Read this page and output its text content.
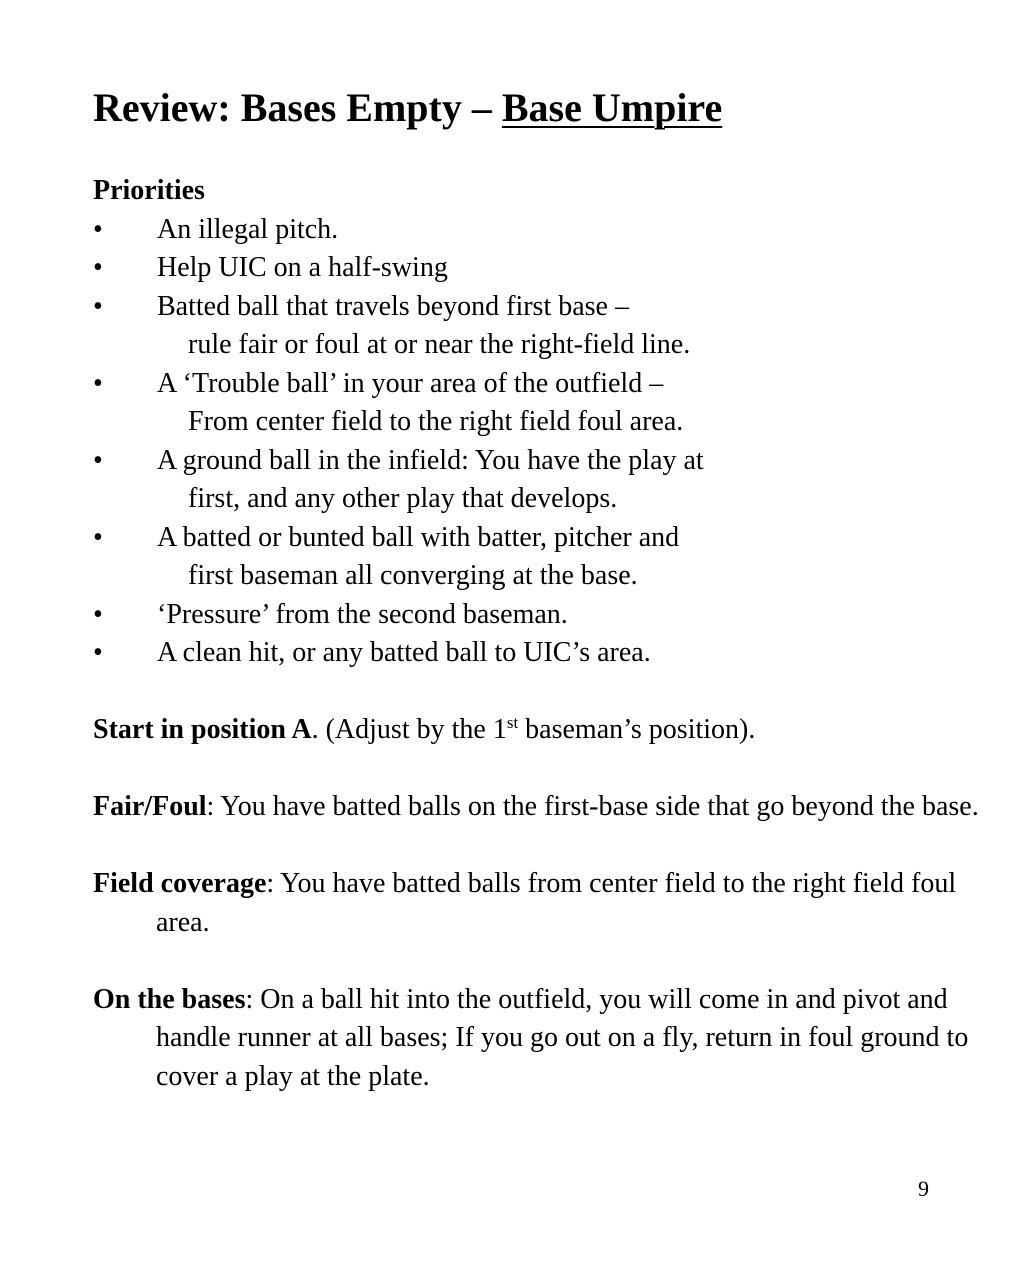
Review: Bases Empty – Base Umpire
Priorities
• An illegal pitch.
• Help UIC on a half-swing
• Batted ball that travels beyond first base –
rule fair or foul at or near the right-field line.
• A ‘Trouble ball’ in your area of the outfield –
From center field to the right field foul area.
• A ground ball in the infield: You have the play at
first, and any other play that develops.
• A batted or bunted ball with batter, pitcher and
first baseman all converging at the base.
• ‘Pressure’ from the second baseman.
• A clean hit, or any batted ball to UIC’s area.
Start in position A. (Adjust by the 1st baseman’s position).
Fair/Foul: You have batted balls on the first-base side that go beyond the base.
Field coverage: You have batted balls from center field to the right field foul area.
On the bases: On a ball hit into the outfield, you will come in and pivot and handle runner at all bases; If you go out on a fly, return in foul ground to cover a play at the plate.
9
